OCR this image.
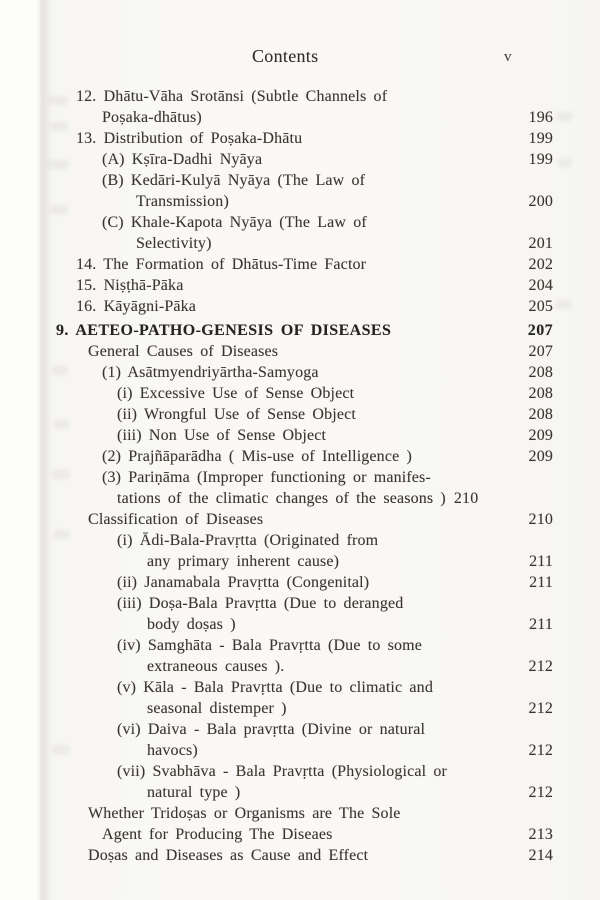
Contents	v
12. Dhātu-Vāha Srotānsi (Subtle Channels of
Poṣaka-dhātus)	196
13. Distribution of Poṣaka-Dhātu	199
(A) Kṣīra-Dadhi Nyāya	199
(B) Kedāri-Kulyā Nyāya (The Law of
Transmission)	200
(C) Khale-Kapota Nyāya (The Law of
Selectivity)	201
14. The Formation of Dhātus-Time Factor	202
15. Niṣṭhā-Pāka	204
16. Kāyāgni-Pāka	205
9. AETEO-PATHO-GENESIS OF DISEASES	207
General Causes of Diseases	207
(1) Asātmyendriyārtha-Samyoga	208
(i) Excessive Use of Sense Object	208
(ii) Wrongful Use of Sense Object	208
(iii) Non Use of Sense Object	209
(2) Prajñāparādha ( Mis-use of Intelligence )	209
(3) Pariṇāma (Improper functioning or manifes-
tations of the climatic changes of the seasons ) 210
Classification of Diseases	210
(i) Ādi-Bala-Pravṛtta (Originated from
any primary inherent cause)	211
(ii) Janamabala Pravṛtta (Congenital)	211
(iii) Doṣa-Bala Pravṛtta (Due to deranged
body doṣas )	211
(iv) Samghāta - Bala Pravṛtta (Due to some
extraneous causes ).	212
(v) Kāla - Bala Pravṛtta (Due to climatic and
seasonal distemper )	212
(vi) Daiva - Bala pravṛtta (Divine or natural
havocs)	212
(vii) Svabhāva - Bala Pravṛtta (Physiological or
natural type )	212
Whether Tridoṣas or Organisms are The Sole
Agent for Producing The Diseaes	213
Doṣas and Diseases as Cause and Effect	214
